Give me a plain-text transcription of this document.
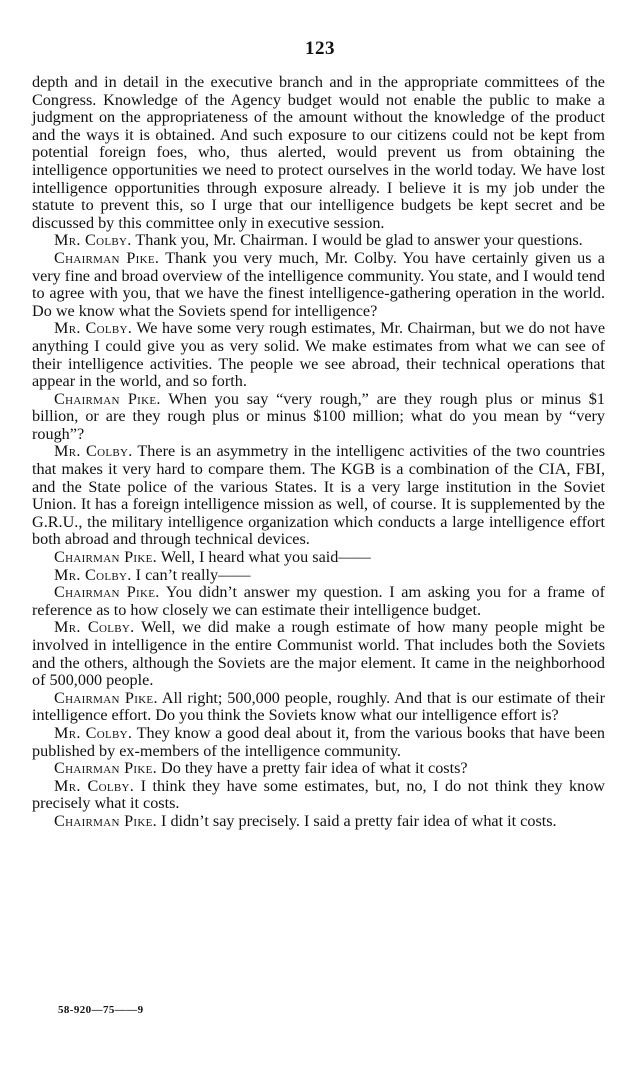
123

depth and in detail in the executive branch and in the appropriate committees of the Congress. Knowledge of the Agency budget would not enable the public to make a judgment on the appropriateness of the amount without the knowledge of the product and the ways it is obtained. And such exposure to our citizens could not be kept from potential foreign foes, who, thus alerted, would prevent us from obtaining the intelligence opportunities we need to protect ourselves in the world today. We have lost intelligence opportunities through exposure already. I believe it is my job under the statute to prevent this, so I urge that our intelligence budgets be kept secret and be discussed by this committee only in executive session.

Mr. Colby. Thank you, Mr. Chairman. I would be glad to answer your questions.

Chairman Pike. Thank you very much, Mr. Colby. You have certainly given us a very fine and broad overview of the intelligence community. You state, and I would tend to agree with you, that we have the finest intelligence-gathering operation in the world. Do we know what the Soviets spend for intelligence?

Mr. Colby. We have some very rough estimates, Mr. Chairman, but we do not have anything I could give you as very solid. We make estimates from what we can see of their intelligence activities. The people we see abroad, their technical operations that appear in the world, and so forth.

Chairman Pike. When you say “very rough,” are they rough plus or minus $1 billion, or are they rough plus or minus $100 million; what do you mean by “very rough”?

Mr. Colby. There is an asymmetry in the intelligenc activities of the two countries that makes it very hard to compare them. The KGB is a combination of the CIA, FBI, and the State police of the various States. It is a very large institution in the Soviet Union. It has a foreign intelligence mission as well, of course. It is supplemented by the G.R.U., the military intelligence organization which conducts a large intelligence effort both abroad and through technical devices.

Chairman Pike. Well, I heard what you said——

Mr. Colby. I can’t really——

Chairman Pike. You didn’t answer my question. I am asking you for a frame of reference as to how closely we can estimate their intelligence budget.

Mr. Colby. Well, we did make a rough estimate of how many people might be involved in intelligence in the entire Communist world. That includes both the Soviets and the others, although the Soviets are the major element. It came in the neighborhood of 500,000 people.

Chairman Pike. All right; 500,000 people, roughly. And that is our estimate of their intelligence effort. Do you think the Soviets know what our intelligence effort is?

Mr. Colby. They know a good deal about it, from the various books that have been published by ex-members of the intelligence community.

Chairman Pike. Do they have a pretty fair idea of what it costs?

Mr. Colby. I think they have some estimates, but, no, I do not think they know precisely what it costs.

Chairman Pike. I didn’t say precisely. I said a pretty fair idea of what it costs.

58-920—75——9
